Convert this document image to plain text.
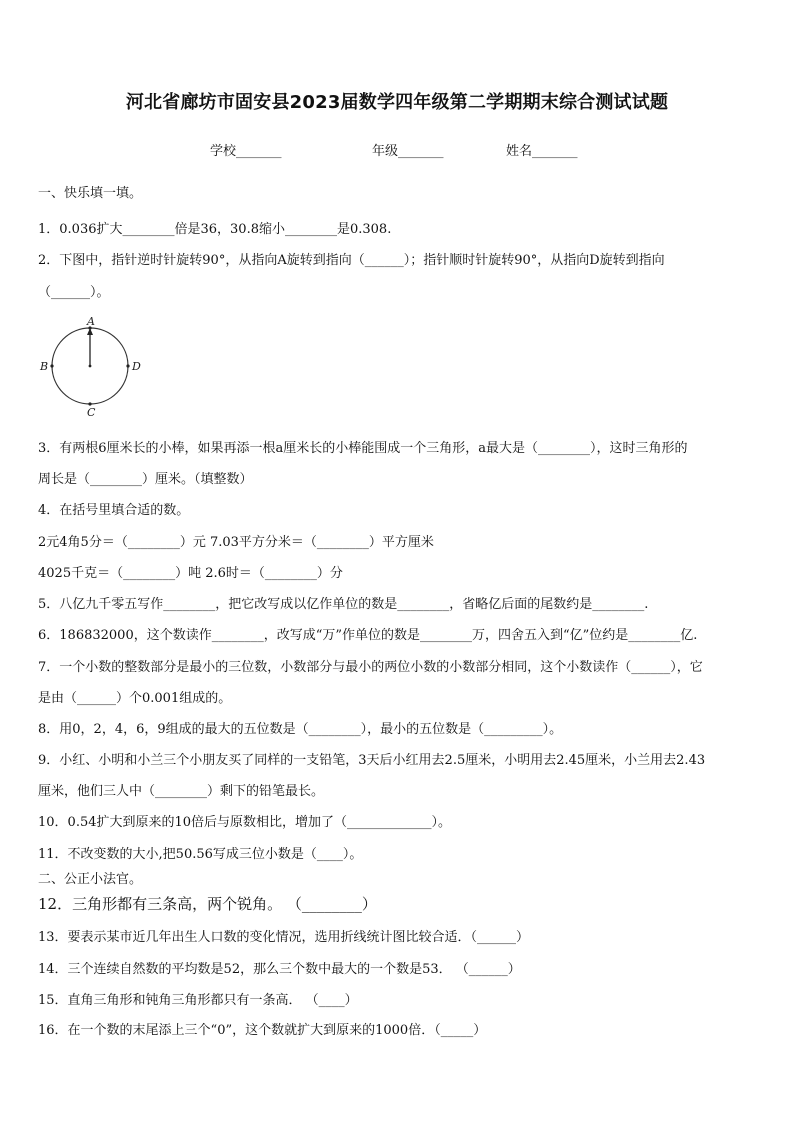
河北省廊坊市固安县2023届数学四年级第二学期期末综合测试试题
学校_______	年级_______	姓名_______
一、快乐填一填。
1．0.036扩大________倍是36，30.8缩小________是0.308.
2．下图中，指针逆时针旋转90°，从指向A旋转到指向（______）；指针顺时针旋转90°，从指向D旋转到指向
（______）。
A
B
C
D
3．有两根6厘米长的小棒，如果再添一根a厘米长的小棒能围成一个三角形，a最大是（________），这时三角形的
周长是（________）厘米。（填整数）
4．在括号里填合适的数。
2元4角5分＝（________）元 7.03平方分米＝（________）平方厘米
4025千克＝（________）吨 2.6时＝（________）分
5．八亿九千零五写作________，把它改写成以亿作单位的数是________，省略亿后面的尾数约是________.
6．186832000，这个数读作________，改写成“万”作单位的数是________万，四舍五入到“亿”位约是________亿.
7．一个小数的整数部分是最小的三位数，小数部分与最小的两位小数的小数部分相同，这个小数读作（______），它
是由（______）个0.001组成的。
8．用0，2，4，6，9组成的最大的五位数是（________），最小的五位数是（_________）。
9．小红、小明和小兰三个小朋友买了同样的一支铅笔，3天后小红用去2.5厘米，小明用去2.45厘米，小兰用去2.43
厘米，他们三人中（________）剩下的铅笔最长。
10．0.54扩大到原来的10倍后与原数相比，增加了（_____________）。
11．不改变数的大小,把50.56写成三位小数是（____）。
二、公正小法官。
12．三角形都有三条高，两个锐角。 （________）
13．要表示某市近几年出生人口数的变化情况，选用折线统计图比较合适．（______）
14．三个连续自然数的平均数是52，那么三个数中最大的一个数是53． （______）
15．直角三角形和钝角三角形都只有一条高． （____）
16．在一个数的末尾添上三个“0”，这个数就扩大到原来的1000倍．（_____）
